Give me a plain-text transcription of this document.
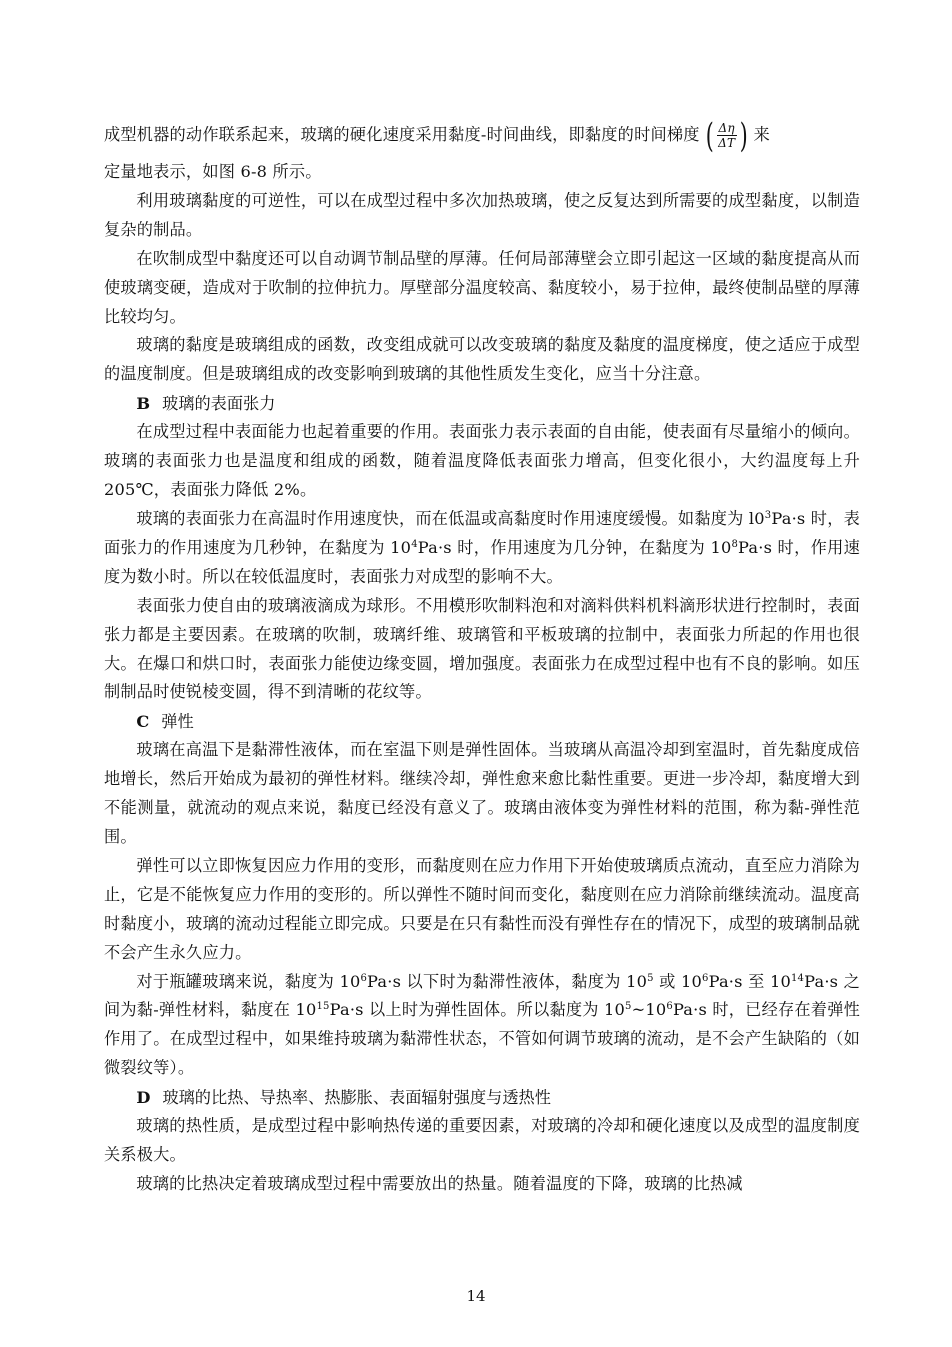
成型机器的动作联系起来，玻璃的硬化速度采用黏度-时间曲线，即黏度的时间梯度 ( $\frac{\Delta\eta}{\Delta T}$ ) 来

定量地表示，如图 6-8 所示。

利用玻璃黏度的可逆性，可以在成型过程中多次加热玻璃，使之反复达到所需要的成型黏度，以制造复杂的制品。

在吹制成型中黏度还可以自动调节制品壁的厚薄。任何局部薄壁会立即引起这一区域的黏度提高从而使玻璃变硬，造成对于吹制的拉伸抗力。厚壁部分温度较高、黏度较小，易于拉伸，最终使制品壁的厚薄比较均匀。

玻璃的黏度是玻璃组成的函数，改变组成就可以改变玻璃的黏度及黏度的温度梯度，使之适应于成型的温度制度。但是玻璃组成的改变影响到玻璃的其他性质发生变化，应当十分注意。

B 玻璃的表面张力

在成型过程中表面能力也起着重要的作用。表面张力表示表面的自由能，使表面有尽量缩小的倾向。玻璃的表面张力也是温度和组成的函数，随着温度降低表面张力增高，但变化很小，大约温度每上升 205℃，表面张力降低 2%。

玻璃的表面张力在高温时作用速度快，而在低温或高黏度时作用速度缓慢。如黏度为 $l0^3Pa\cdot s$ 时，表面张力的作用速度为几秒钟，在黏度为 $10^4Pa\cdot s$ 时，作用速度为几分钟，在黏度为 $10^8Pa\cdot s$ 时，作用速度为数小时。所以在较低温度时，表面张力对成型的影响不大。

表面张力使自由的玻璃液滴成为球形。不用模形吹制料泡和对滴料供料机料滴形状进行控制时，表面张力都是主要因素。在玻璃的吹制，玻璃纤维、玻璃管和平板玻璃的拉制中，表面张力所起的作用也很大。在爆口和烘口时，表面张力能使边缘变圆，增加强度。表面张力在成型过程中也有不良的影响。如压制制品时使锐棱变圆，得不到清晰的花纹等。

C 弹性

玻璃在高温下是黏滞性液体，而在室温下则是弹性固体。当玻璃从高温冷却到室温时，首先黏度成倍地增长，然后开始成为最初的弹性材料。继续冷却，弹性愈来愈比黏性重要。更进一步冷却，黏度增大到不能测量，就流动的观点来说，黏度已经没有意义了。玻璃由液体变为弹性材料的范围，称为黏-弹性范围。

弹性可以立即恢复因应力作用的变形，而黏度则在应力作用下开始使玻璃质点流动，直至应力消除为止，它是不能恢复应力作用的变形的。所以弹性不随时间而变化，黏度则在应力消除前继续流动。温度高时黏度小，玻璃的流动过程能立即完成。只要是在只有黏性而没有弹性存在的情况下，成型的玻璃制品就不会产生永久应力。

对于瓶罐玻璃来说，黏度为 $10^6Pa\cdot s$ 以下时为黏滞性液体，黏度为 $10^5$ 或 $10^6Pa\cdot s$ 至 $10^{14}Pa\cdot s$ 之间为黏-弹性材料，黏度在 $10^{15}Pa\cdot s$ 以上时为弹性固体。所以黏度为 $10^5\sim 10^6Pa\cdot s$ 时，已经存在着弹性作用了。在成型过程中，如果维持玻璃为黏滞性状态，不管如何调节玻璃的流动，是不会产生缺陷的（如微裂纹等）。

D 玻璃的比热、导热率、热膨胀、表面辐射强度与透热性

玻璃的热性质，是成型过程中影响热传递的重要因素，对玻璃的冷却和硬化速度以及成型的温度制度关系极大。

玻璃的比热决定着玻璃成型过程中需要放出的热量。随着温度的下降，玻璃的比热减

14
